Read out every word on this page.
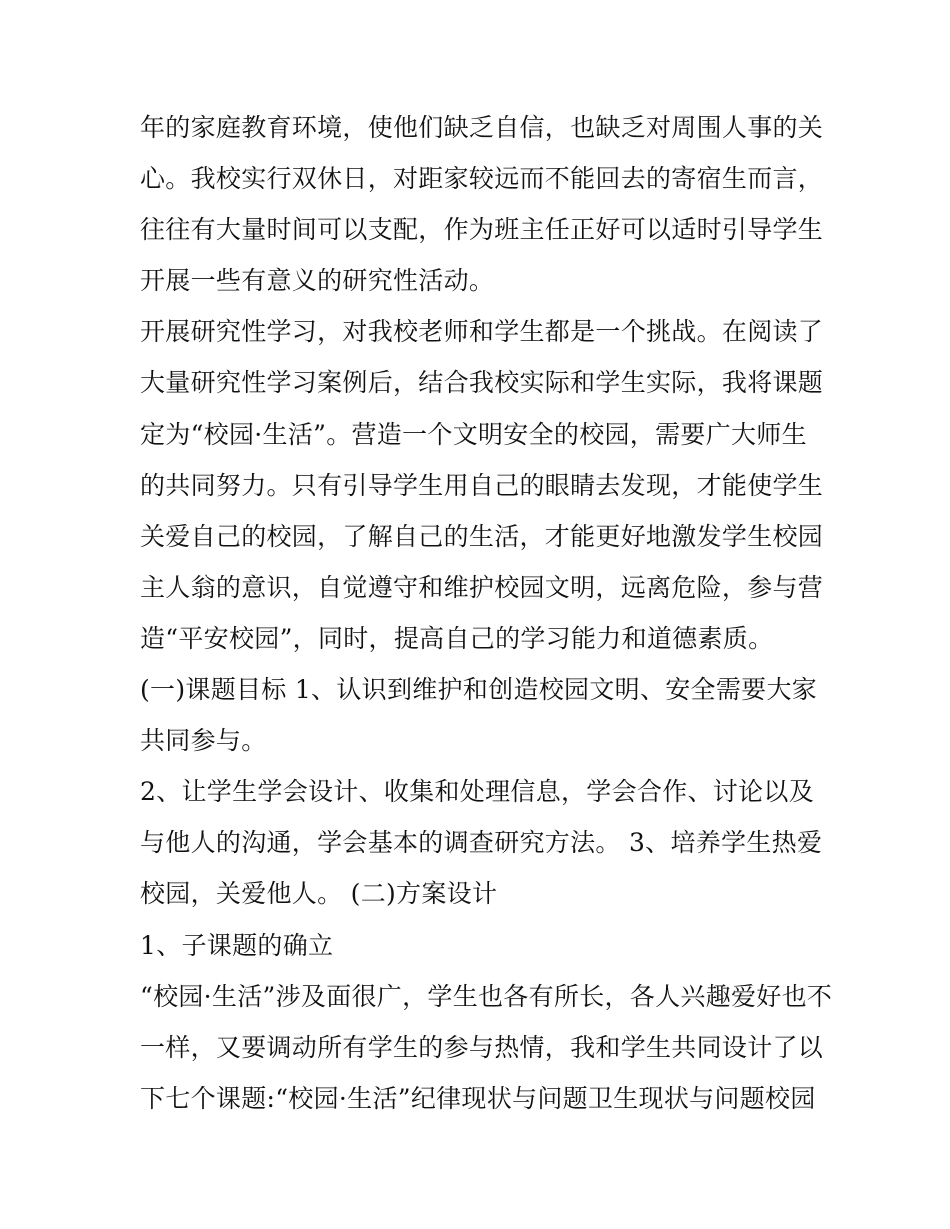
年的家庭教育环境，使他们缺乏自信，也缺乏对周围人事的关
心。我校实行双休日，对距家较远而不能回去的寄宿生而言，
往往有大量时间可以支配，作为班主任正好可以适时引导学生
开展一些有意义的研究性活动。
开展研究性学习，对我校老师和学生都是一个挑战。在阅读了
大量研究性学习案例后，结合我校实际和学生实际，我将课题
定为“校园·生活”。营造一个文明安全的校园，需要广大师生
的共同努力。只有引导学生用自己的眼睛去发现，才能使学生
关爱自己的校园，了解自己的生活，才能更好地激发学生校园
主人翁的意识，自觉遵守和维护校园文明，远离危险，参与营
造“平安校园”，同时，提高自己的学习能力和道德素质。
(一)课题目标 1、认识到维护和创造校园文明、安全需要大家
共同参与。
2、让学生学会设计、收集和处理信息，学会合作、讨论以及
与他人的沟通，学会基本的调查研究方法。 3、培养学生热爱
校园，关爱他人。 (二)方案设计
1、子课题的确立
“校园·生活”涉及面很广，学生也各有所长，各人兴趣爱好也不
一样，又要调动所有学生的参与热情，我和学生共同设计了以
下七个课题:“校园·生活”纪律现状与问题卫生现状与问题校园
